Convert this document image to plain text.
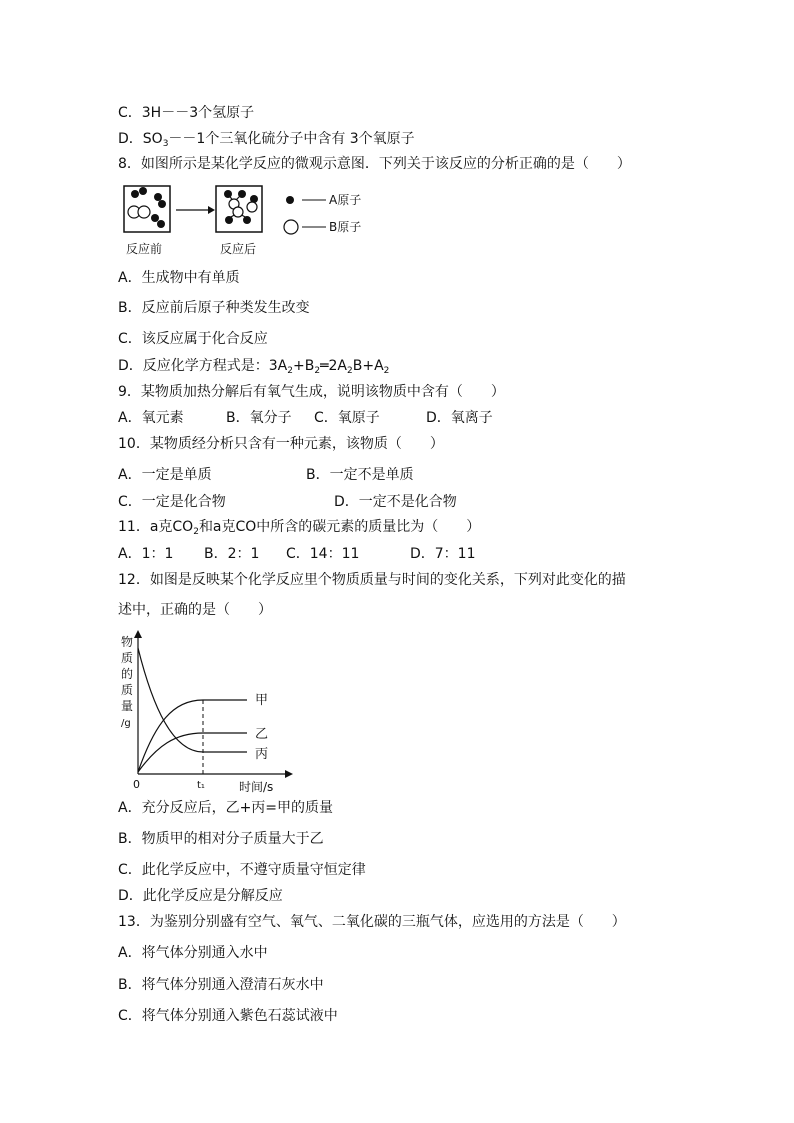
C．3H－－3个氢原子
D．$SO_3--1$个三氧化硫分子中含有 3个氧原子
8．如图所示是某化学反应的微观示意图．下列关于该反应的分析正确的是（　　）
反应前	反应后
A原子
B原子
A．生成物中有单质
B．反应前后原子种类发生改变
C．该反应属于化合反应
D．反应化学方程式是：$3A_2+B_2═2A_2B+A_2$
9．某物质加热分解后有氧气生成，说明该物质中含有（　　）
A．氧元素	B．氧分子 C．氧原子	D．氧离子
10．某物质经分析只含有一种元素，该物质（　　）
A．一定是单质	B．一定不是单质
C．一定是化合物	D．一定不是化合物
11．a克$CO_2$和a克CO中所含的碳元素的质量比为（　　）
A．1：1 B．2：1 C．14：11	D．7：11
12．如图是反映某个化学反应里个物质质量与时间的变化关系，下列对此变化的描
述中，正确的是（　　）
物
质
的
质
量
/g
甲
乙
丙
0	t₁	时间/s
A．充分反应后，乙+丙=甲的质量
B．物质甲的相对分子质量大于乙
C．此化学反应中，不遵守质量守恒定律
D．此化学反应是分解反应
13．为鉴别分别盛有空气、氧气、二氧化碳的三瓶气体，应选用的方法是（　　）
A．将气体分别通入水中
B．将气体分别通入澄清石灰水中
C．将气体分别通入紫色石蕊试液中
